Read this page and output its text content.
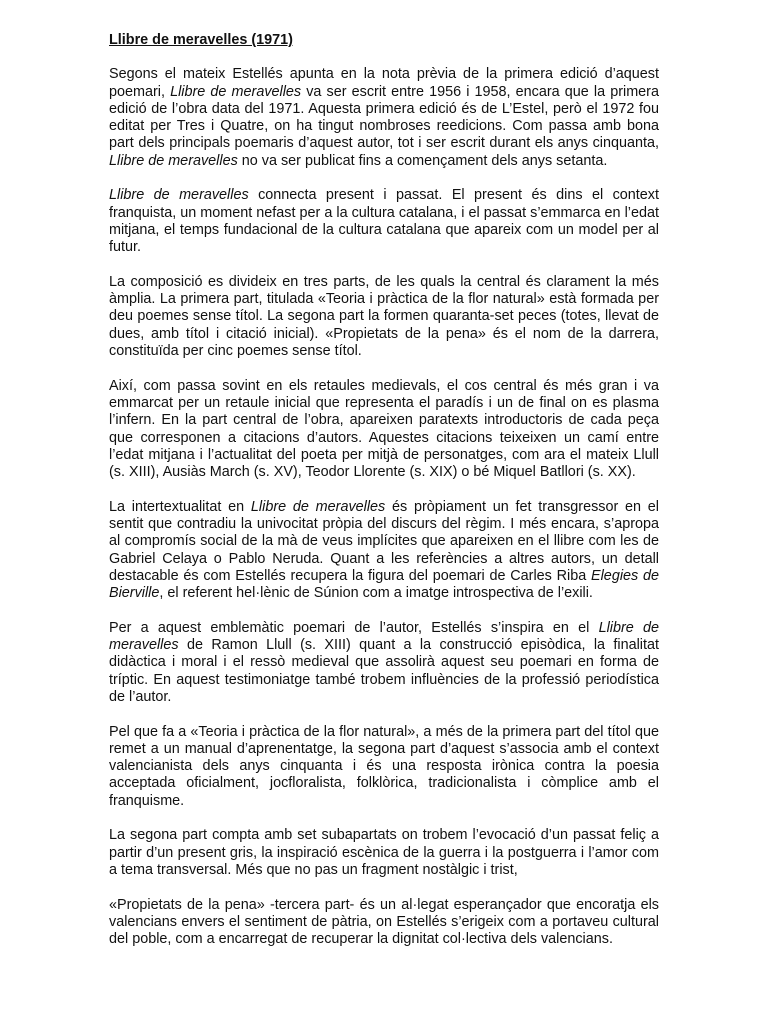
Llibre de meravelles (1971)

Segons el mateix Estellés apunta en la nota prèvia de la primera edició d’aquest poemari, Llibre de meravelles va ser escrit entre 1956 i 1958, encara que la primera edició de l’obra data del 1971. Aquesta primera edició és de L’Estel, però el 1972 fou editat per Tres i Quatre, on ha tingut nombroses reedicions. Com passa amb bona part dels principals poemaris d’aquest autor, tot i ser escrit durant els anys cinquanta, Llibre de meravelles no va ser publicat fins a començament dels anys setanta.

Llibre de meravelles connecta present i passat. El present és dins el context franquista, un moment nefast per a la cultura catalana, i el passat s’emmarca en l’edat mitjana, el temps fundacional de la cultura catalana que apareix com un model per al futur.

La composició es divideix en tres parts, de les quals la central és clarament la més àmplia. La primera part, titulada «Teoria i pràctica de la flor natural» està formada per deu poemes sense títol. La segona part la formen quaranta-set peces (totes, llevat de dues, amb títol i citació inicial). «Propietats de la pena» és el nom de la darrera, constituïda per cinc poemes sense títol.

Així, com passa sovint en els retaules medievals, el cos central és més gran i va emmarcat per un retaule inicial que representa el paradís i un de final on es plasma l’infern. En la part central de l’obra, apareixen paratexts introductoris de cada peça que corresponen a citacions d’autors. Aquestes citacions teixeixen un camí entre l’edat mitjana i l’actualitat del poeta per mitjà de personatges, com ara el mateix Llull (s. XIII), Ausiàs March (s. XV), Teodor Llorente (s. XIX) o bé Miquel Batllori (s. XX).

La intertextualitat en Llibre de meravelles és pròpiament un fet transgressor en el sentit que contradiu la univocitat pròpia del discurs del règim. I més encara, s’apropa al compromís social de la mà de veus implícites que apareixen en el llibre com les de Gabriel Celaya o Pablo Neruda. Quant a les referències a altres autors, un detall destacable és com Estellés recupera la figura del poemari de Carles Riba Elegies de Bierville, el referent hel·lènic de Súnion com a imatge introspectiva de l’exili.

Per a aquest emblemàtic poemari de l’autor, Estellés s’inspira en el Llibre de meravelles de Ramon Llull (s. XIII) quant a la construcció episòdica, la finalitat didàctica i moral i el ressò medieval que assolirà aquest seu poemari en forma de tríptic. En aquest testimoniatge també trobem influències de la professió periodística de l’autor.

Pel que fa a «Teoria i pràctica de la flor natural», a més de la primera part del títol que remet a un manual d’aprenentatge, la segona part d’aquest s’associa amb el context valencianista dels anys cinquanta i és una resposta irònica contra la poesia acceptada oficialment, jocfloralista, folklòrica, tradicionalista i còmplice amb el franquisme.

La segona part compta amb set subapartats on trobem l’evocació d’un passat feliç a partir d’un present gris, la inspiració escènica de la guerra i la postguerra i l’amor com a tema transversal. Més que no pas un fragment nostàlgic i trist,

«Propietats de la pena» -tercera part- és un al·legat esperançador que encoratja els valencians envers el sentiment de pàtria, on Estellés s’erigeix com a portaveu cultural del poble, com a encarregat de recuperar la dignitat col·lectiva dels valencians.
